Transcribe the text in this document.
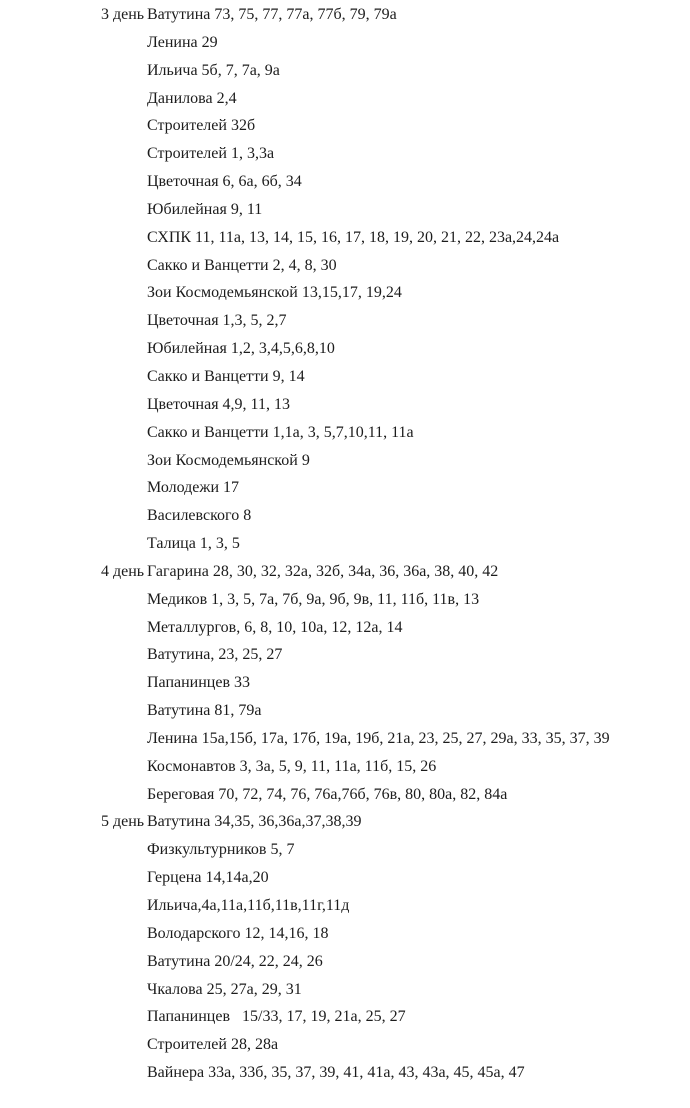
3 день Ватутина 73, 75, 77, 77а, 77б, 79, 79а
Ленина 29
Ильича 5б, 7, 7а, 9а
Данилова 2,4
Строителей 32б
Строителей 1, 3,3а
Цветочная 6, 6а, 6б, 34
Юбилейная 9, 11
СХПК 11, 11а, 13, 14, 15, 16, 17, 18, 19, 20, 21, 22, 23а,24,24а
Сакко и Ванцетти 2, 4, 8, 30
Зои Космодемьянской 13,15,17, 19,24
Цветочная 1,3, 5, 2,7
Юбилейная 1,2, 3,4,5,6,8,10
Сакко и Ванцетти 9, 14
Цветочная 4,9, 11, 13
Сакко и Ванцетти 1,1а, 3, 5,7,10,11, 11а
Зои Космодемьянской 9
Молодежи 17
Василевского 8
Талица 1, 3, 5
4 день Гагарина 28, 30, 32, 32а, 32б, 34а, 36, 36а, 38, 40, 42
Медиков 1, 3, 5, 7а, 7б, 9а, 9б, 9в, 11, 11б, 11в, 13
Металлургов, 6, 8, 10, 10а, 12, 12а, 14
Ватутина, 23, 25, 27
Папанинцев 33
Ватутина 81, 79а
Ленина 15а,15б, 17а, 17б, 19а, 19б, 21а, 23, 25, 27, 29а, 33, 35, 37, 39
Космонавтов 3, 3а, 5, 9, 11, 11а, 11б, 15, 26
Береговая 70, 72, 74, 76, 76а,76б, 76в, 80, 80а, 82, 84а
5 день Ватутина 34,35, 36,36а,37,38,39
Физкультурников 5, 7
Герцена 14,14а,20
Ильича,4а,11а,11б,11в,11г,11д
Володарского 12, 14,16, 18
Ватутина 20/24, 22, 24, 26
Чкалова 25, 27а, 29, 31
Папанинцев   15/33, 17, 19, 21а, 25, 27
Строителей 28, 28а
Вайнера 33а, 33б, 35, 37, 39, 41, 41а, 43, 43а, 45, 45а, 47
